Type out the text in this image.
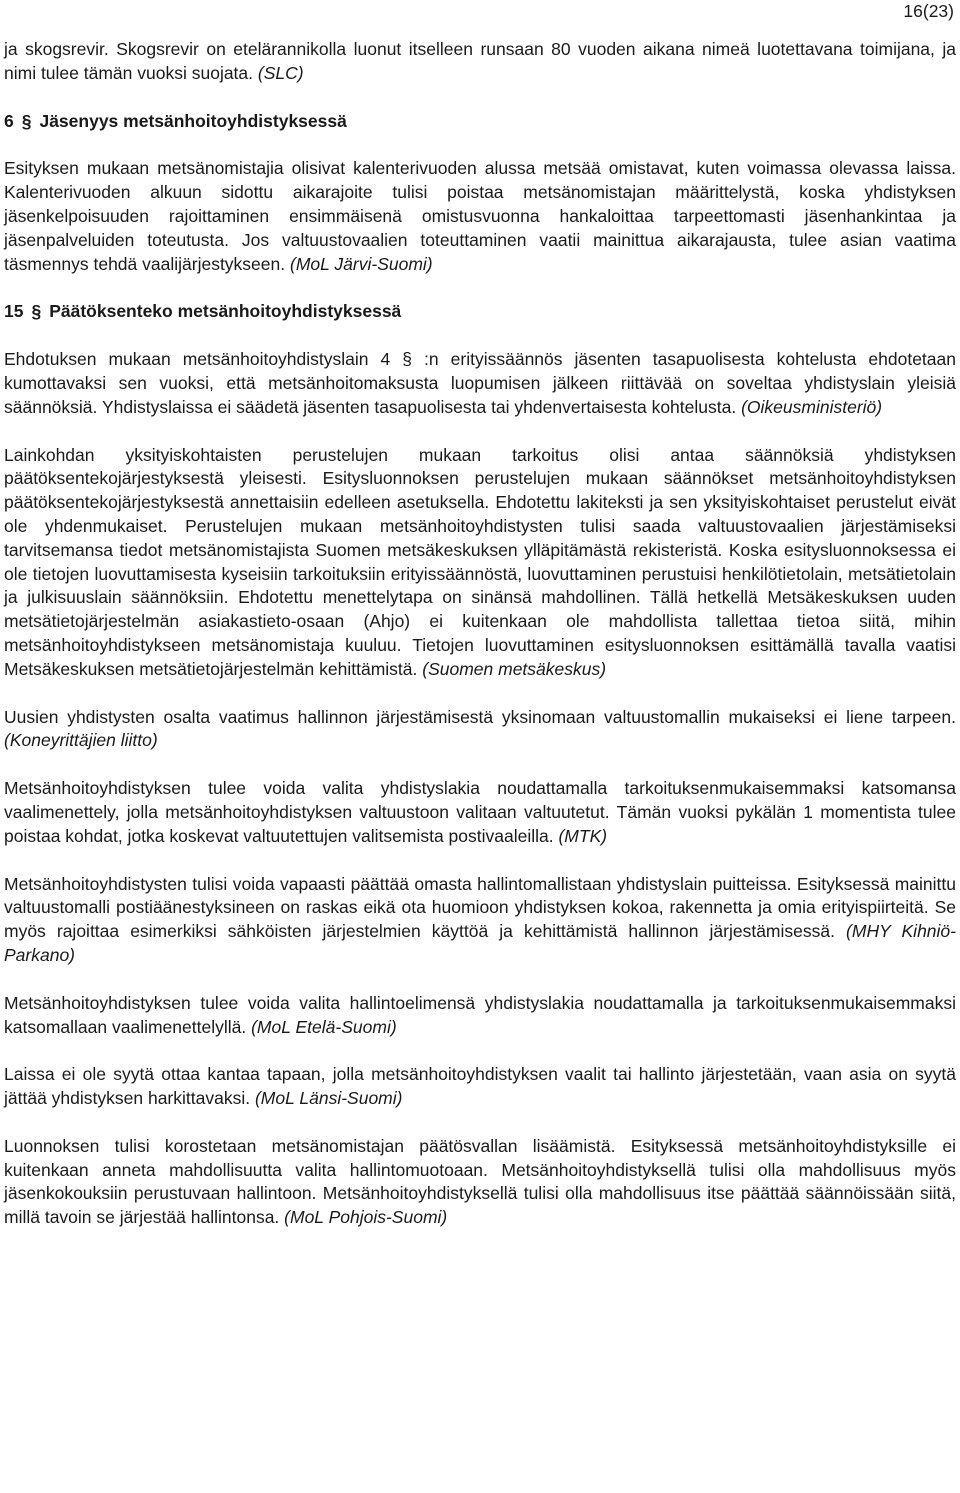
16(23)

ja skogsrevir. Skogsrevir on etelärannikolla luonut itselleen runsaan 80 vuoden aikana nimeä luotettavana toimijana, ja nimi tulee tämän vuoksi suojata. (SLC)

6 § Jäsenyys metsänhoitoyhdistyksessä

Esityksen mukaan metsänomistajia olisivat kalenterivuoden alussa metsää omistavat, kuten voimassa olevassa laissa. Kalenterivuoden alkuun sidottu aikarajoite tulisi poistaa metsänomistajan määrittelystä, koska yhdistyksen jäsenkelpoisuuden rajoittaminen ensimmäisenä omistusvuonna hankaloittaa tarpeettomasti jäsenhankintaa ja jäsenpalveluiden toteutusta. Jos valtuustovaalien toteuttaminen vaatii mainittua aikarajausta, tulee asian vaatima täsmennys tehdä vaalijärjestykseen. (MoL Järvi-Suomi)

15 § Päätöksenteko metsänhoitoyhdistyksessä

Ehdotuksen mukaan metsänhoitoyhdistyslain 4 § :n erityissäännös jäsenten tasapuolisesta kohtelusta ehdotetaan kumottavaksi sen vuoksi, että metsänhoitomaksusta luopumisen jälkeen riittävää on soveltaa yhdistyslain yleisiä säännöksiä. Yhdistyslaissa ei säädetä jäsenten tasapuolisesta tai yhdenvertaisesta kohtelusta. (Oikeusministeriö)

Lainkohdan yksityiskohtaisten perustelujen mukaan tarkoitus olisi antaa säännöksiä yhdistyksen päätöksentekojärjestyksestä yleisesti. Esitysluonnoksen perustelujen mukaan säännökset metsänhoitoyhdistyksen päätöksentekojärjestyksestä annettaisiin edelleen asetuksella. Ehdotettu lakiteksti ja sen yksityiskohtaiset perustelut eivät ole yhdenmukaiset. Perustelujen mukaan metsänhoitoyhdistysten tulisi saada valtuustovaalien järjestämiseksi tarvitsemansa tiedot metsänomistajista Suomen metsäkeskuksen ylläpitämästä rekisteristä. Koska esitysluonnoksessa ei ole tietojen luovuttamisesta kyseisiin tarkoituksiin erityissäännöstä, luovuttaminen perustuisi henkilötietolain, metsätietolain ja julkisuuslain säännöksiin. Ehdotettu menettelytapa on sinänsä mahdollinen. Tällä hetkellä Metsäkeskuksen uuden metsätietojärjestelmän asiakastieto-osaan (Ahjo) ei kuitenkaan ole mahdollista tallettaa tietoa siitä, mihin metsänhoitoyhdistykseen metsänomistaja kuuluu. Tietojen luovuttaminen esitysluonnoksen esittämällä tavalla vaatisi Metsäkeskuksen metsätietojärjestelmän kehittämistä. (Suomen metsäkeskus)

Uusien yhdistysten osalta vaatimus hallinnon järjestämisestä yksinomaan valtuustomallin mukaiseksi ei liene tarpeen. (Koneyrittäjien liitto)

Metsänhoitoyhdistyksen tulee voida valita yhdistyslakia noudattamalla tarkoituksenmukaisemmaksi katsomansa vaalimenettely, jolla metsänhoitoyhdistyksen valtuustoon valitaan valtuutetut. Tämän vuoksi pykälän 1 momentista tulee poistaa kohdat, jotka koskevat valtuutettujen valitsemista postivaaleilla. (MTK)

Metsänhoitoyhdistysten tulisi voida vapaasti päättää omasta hallintomallistaan yhdistyslain puitteissa. Esityksessä mainittu valtuustomalli postiäänestyksineen on raskas eikä ota huomioon yhdistyksen kokoa, rakennetta ja omia erityispiirteitä. Se myös rajoittaa esimerkiksi sähköisten järjestelmien käyttöä ja kehittämistä hallinnon järjestämisessä. (MHY Kihniö-Parkano)

Metsänhoitoyhdistyksen tulee voida valita hallintoelimensä yhdistyslakia noudattamalla ja tarkoituksenmukaisemmaksi katsomallaan vaalimenettelyllä. (MoL Etelä-Suomi)

Laissa ei ole syytä ottaa kantaa tapaan, jolla metsänhoitoyhdistyksen vaalit tai hallinto järjestetään, vaan asia on syytä jättää yhdistyksen harkittavaksi. (MoL Länsi-Suomi)

Luonnoksen tulisi korostetaan metsänomistajan päätösvallan lisäämistä. Esityksessä metsänhoitoyhdistyksille ei kuitenkaan anneta mahdollisuutta valita hallintomuotoaan. Metsänhoitoyhdistyksellä tulisi olla mahdollisuus myös jäsenkokouksiin perustuvaan hallintoon. Metsänhoitoyhdistyksellä tulisi olla mahdollisuus itse päättää säännöissään siitä, millä tavoin se järjestää hallintonsa. (MoL Pohjois-Suomi)
